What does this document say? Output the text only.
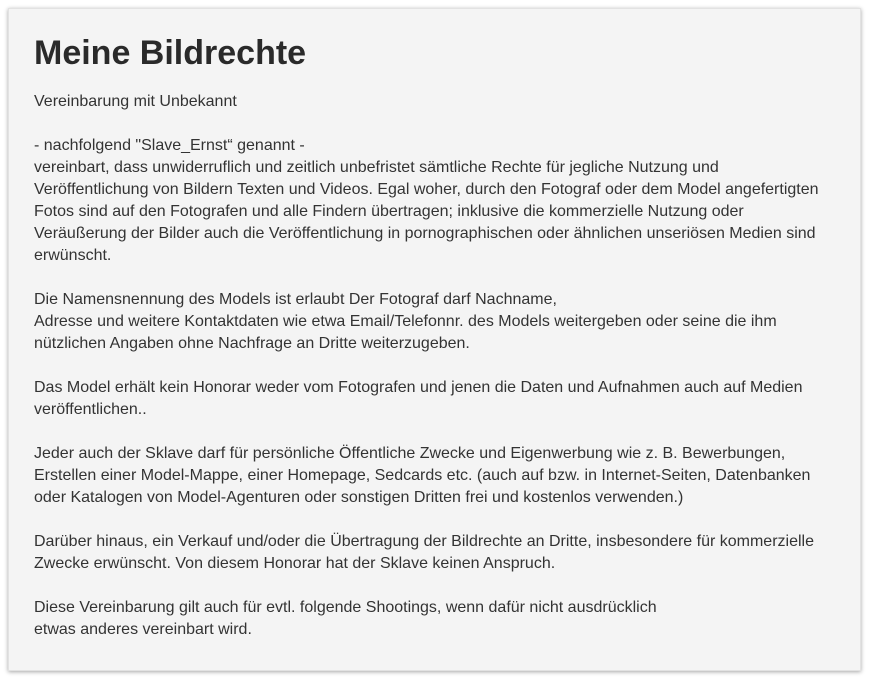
Meine Bildrechte

Vereinbarung mit Unbekannt

- nachfolgend "Slave_Ernst“ genannt -
vereinbart, dass unwiderruflich und zeitlich unbefristet sämtliche Rechte für jegliche Nutzung und
Veröffentlichung von Bildern Texten und Videos. Egal woher, durch den Fotograf oder dem Model angefertigten
Fotos sind auf den Fotografen und alle Findern übertragen; inklusive die kommerzielle Nutzung oder
Veräußerung der Bilder auch die Veröffentlichung in pornographischen oder ähnlichen unseriösen Medien sind
erwünscht.

Die Namensnennung des Models ist erlaubt Der Fotograf darf Nachname,
Adresse und weitere Kontaktdaten wie etwa Email/Telefonnr. des Models weitergeben oder seine die ihm
nützlichen Angaben ohne Nachfrage an Dritte weiterzugeben.

Das Model erhält kein Honorar weder vom Fotografen und jenen die Daten und Aufnahmen auch auf Medien
veröffentlichen..

Jeder auch der Sklave darf für persönliche Öffentliche Zwecke und Eigenwerbung wie z. B. Bewerbungen,
Erstellen einer Model-Mappe, einer Homepage, Sedcards etc. (auch auf bzw. in Internet-Seiten, Datenbanken
oder Katalogen von Model-Agenturen oder sonstigen Dritten frei und kostenlos verwenden.)

Darüber hinaus, ein Verkauf und/oder die Übertragung der Bildrechte an Dritte, insbesondere für kommerzielle
Zwecke erwünscht. Von diesem Honorar hat der Sklave keinen Anspruch.

Diese Vereinbarung gilt auch für evtl. folgende Shootings, wenn dafür nicht ausdrücklich
etwas anderes vereinbart wird.
